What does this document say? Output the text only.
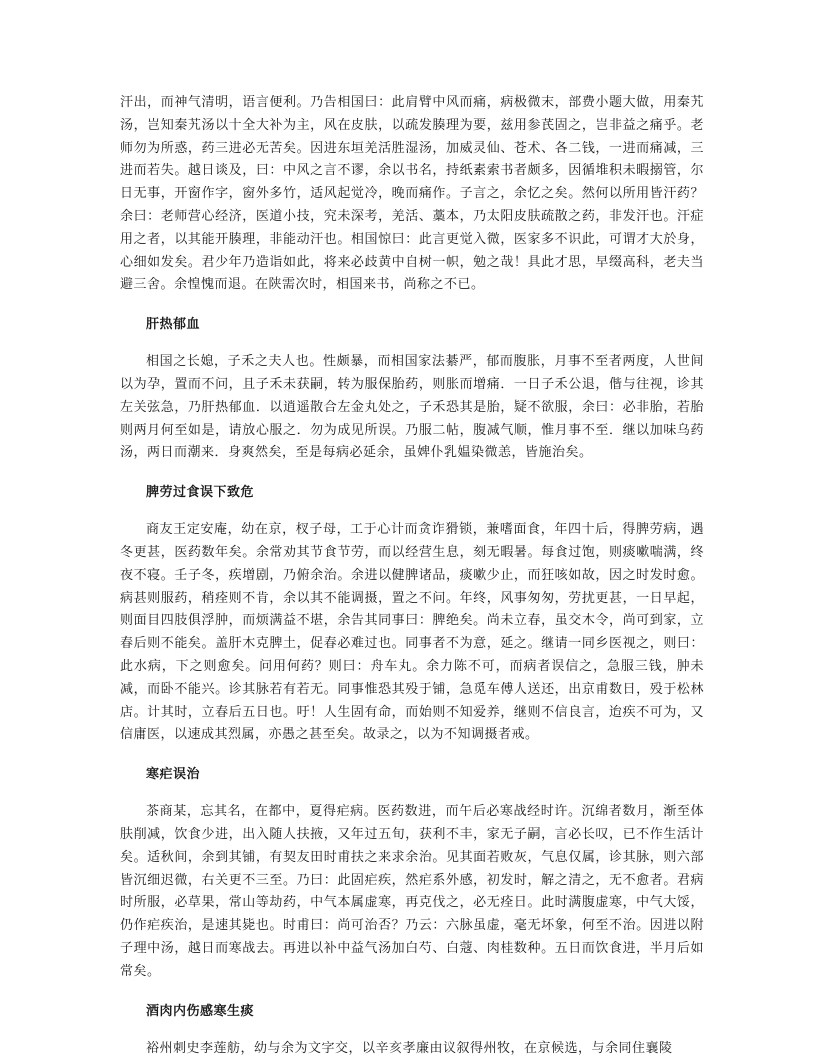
汗出，而神气清明，语言便利。乃告相国曰：此肩臂中风而痛，病极微末，部费小题大做，用秦艽汤，岂知秦艽汤以十全大补为主，风在皮肤，以疏发腠理为要，兹用参芪固之，岂非益之痛乎。老师勿为所惑，药三进必无苦矣。因进东垣羌活胜湿汤，加威灵仙、苍术、各二钱，一进而痛减，三进而若失。越日谈及，曰：中风之言不谬，余以书名，持纸素索书者颇多，因循堆积未暇搦管，尔日无事，开窗作字，窗外多竹，适风起觉冷，晚而痛作。子言之，余忆之矣。然何以所用皆汗药？余曰：老师营心经济，医道小技，究未深考，羌活、藁本，乃太阳皮肤疏散之药，非发汗也。汗症用之者，以其能开腠理，非能动汗也。相国惊曰：此言更觉入微，医家多不识此，可谓才大於身，心细如发矣。君少年乃造诣如此，将来必歧黄中自树一帜，勉之哉！具此才思，早缀高科，老夫当避三舍。余惶愧而退。在陕需次时，相国来书，尚称之不已。

肝热郁血

相国之长媳，子禾之夫人也。性颇暴，而相国家法綦严，郁而腹胀，月事不至者两度，人世间以为孕，置而不问，且子禾未获嗣，转为服保胎药，则胀而增痛．一日子禾公退，偕与往视，诊其左关弦急，乃肝热郁血．以逍遥散合左金丸处之，子禾恐其是胎，疑不欲服，余曰：必非胎，若胎则两月何至如是，请放心服之．勿为成见所误。乃服二帖，腹减气顺，惟月事不至．继以加味乌药汤，两日而潮来．身爽然矣，至是每病必延余，虽婢仆乳媪染微恙，皆施治矣。

脾劳过食误下致危

商友王定安庵，幼在京，杈子母，工于心计而贪诈猾锁，兼嗜面食，年四十后，得脾劳病，遇冬更甚，医药数年矣。余常劝其节食节劳，而以经营生息，刻无暇暑。每食过饱，则痰嗽喘满，终夜不寝。壬子冬，疾增剧，乃俯余治。余进以健脾诸品，痰嗽少止，而狂咳如故，因之时发时愈。病甚则服药，稍痊则不肯，余以其不能调摄，置之不问。年终，风事匆匆，劳扰更甚，一日早起，则面目四肢俱浮肿，而烦满益不堪，余告其同事曰：脾绝矣。尚未立春，虽交木令，尚可到家，立春后则不能矣。盖肝木克脾土，促春必难过也。同事者不为意，延之。继请一同乡医视之，则曰：此水病，下之则愈矣。问用何药？则曰：舟车丸。余力陈不可，而病者误信之，急服三钱，肿未减，而卧不能兴。诊其脉若有若无。同事惟恐其殁于铺，急觅车傅人送还，出京甫数日，殁于松林店。计其时，立春后五日也。吁！人生固有命，而始则不知爱养，继则不信良言，迨疾不可为，又信庸医，以速成其烈属，亦愚之甚至矣。故录之，以为不知调摄者戒。

寒疟误治

茶商某，忘其名，在都中，夏得疟病。医药数进，而午后必寒战经时许。沉绵者数月，渐至体肤削减，饮食少进，出入随人扶掖，又年过五旬，获利不丰，家无子嗣，言必长叹，已不作生活计矣。适秋间，余到其铺，有契友田时甫扶之来求余治。见其面若败灰，气息仅属，诊其脉，则六部皆沉细迟微，右关更不三至。乃曰：此固疟疾，然疟系外感，初发时，解之清之，无不愈者。君病时所服，必草果，常山等劫药，中气本属虚寒，再克伐之，必无痊日。此时满腹虚寒，中气大馁，仍作疟疾治，是速其毙也。时甫曰：尚可治否？乃云：六脉虽虚，毫无坏象，何至不治。因进以附子理中汤，越日而寒战去。再进以补中益气汤加白芍、白蔻、肉桂数种。五日而饮食进，半月后如常矣。

酒肉内伤感寒生痰

裕州刺史李莲舫，幼与余为文字交，以辛亥孝廉由议叙得州牧，在京候选，与余同住襄陵
